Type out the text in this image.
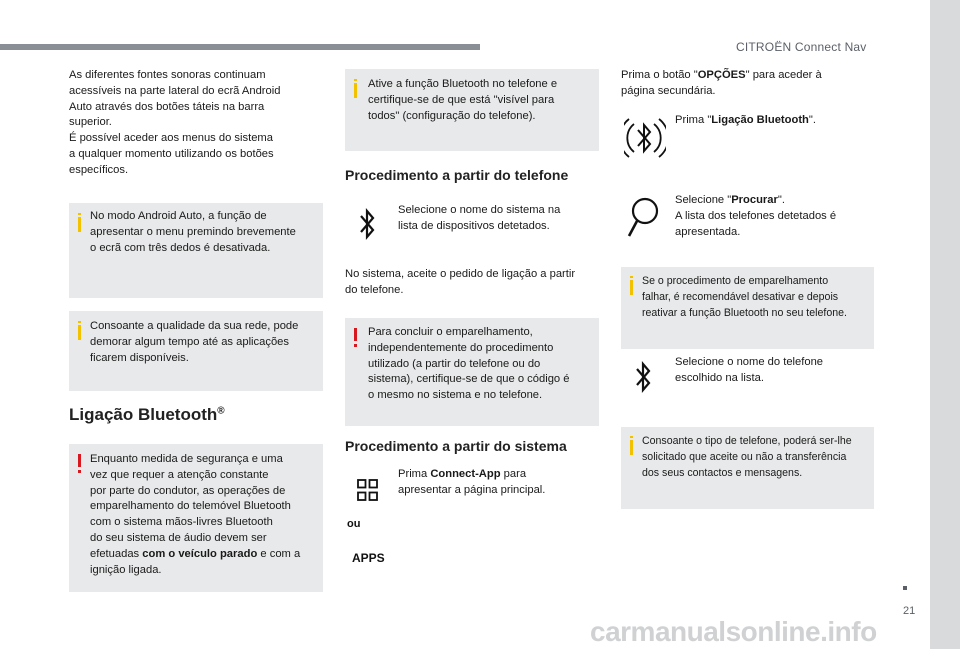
CITROËN Connect Nav
As diferentes fontes sonoras continuam
acessíveis na parte lateral do ecrã Android
Auto através dos botões táteis na barra
superior.
É possível aceder aos menus do sistema
a qualquer momento utilizando os botões
específicos.
No modo Android Auto, a função de
apresentar o menu premindo brevemente
o ecrã com três dedos é desativada.
Consoante a qualidade da sua rede, pode
demorar algum tempo até as aplicações
ficarem disponíveis.
Ligação Bluetooth®
Enquanto medida de segurança e uma
vez que requer a atenção constante
por parte do condutor, as operações de
emparelhamento do telemóvel Bluetooth
com o sistema mãos-livres Bluetooth
do seu sistema de áudio devem ser
efetuadas com o veículo parado e com a
ignição ligada.
Ative a função Bluetooth no telefone e
certifique-se de que está "visível para
todos" (configuração do telefone).
Procedimento a partir do telefone
Selecione o nome do sistema na
lista de dispositivos detetados.
No sistema, aceite o pedido de ligação a partir
do telefone.
Para concluir o emparelhamento,
independentemente do procedimento
utilizado (a partir do telefone ou do
sistema), certifique-se de que o código é
o mesmo no sistema e no telefone.
Procedimento a partir do sistema
ou
APPS
Prima Connect-App para
apresentar a página principal.
Prima o botão "OPÇÕES" para aceder à
página secundária.
Prima "Ligação Bluetooth".
Selecione "Procurar".
A lista dos telefones detetados é
apresentada.
Se o procedimento de emparelhamento
falhar, é recomendável desativar e depois
reativar a função Bluetooth no seu telefone.
Selecione o nome do telefone
escolhido na lista.
Consoante o tipo de telefone, poderá ser-lhe
solicitado que aceite ou não a transferência
dos seus contactos e mensagens.
21
carmanualsonline.info
